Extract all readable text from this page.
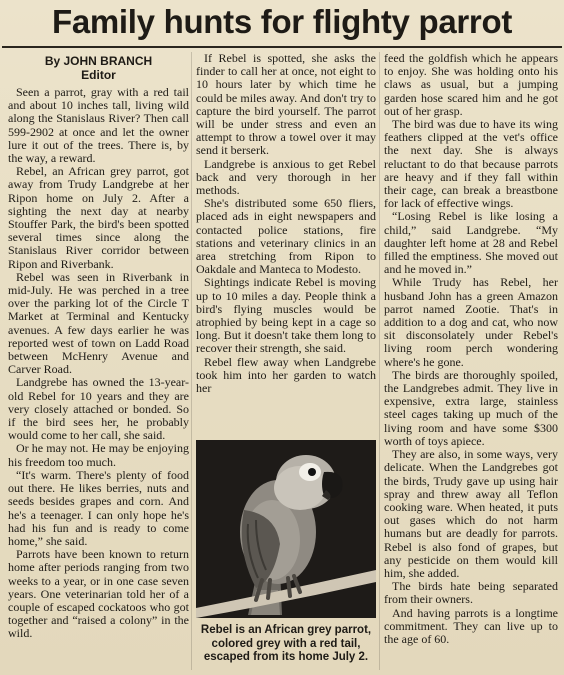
Family hunts for flighty parrot
By JOHN BRANCH
Editor

Seen a parrot, gray with a red tail and about 10 inches tall, living wild along the Stanislaus River? Then call 599-2902 at once and let the owner lure it out of the trees. There is, by the way, a reward.

Rebel, an African grey parrot, got away from Trudy Landgrebe at her Ripon home on July 2. After a sighting the next day at nearby Stouffer Park, the bird's been spotted several times since along the Stanislaus River corridor between Ripon and Riverbank.

Rebel was seen in Riverbank in mid-July. He was perched in a tree over the parking lot of the Circle T Market at Terminal and Kentucky avenues. A few days earlier he was reported west of town on Ladd Road between McHenry Avenue and Carver Road.

Landgrebe has owned the 13-year-old Rebel for 10 years and they are very closely attached or bonded. So if the bird sees her, he probably would come to her call, she said.

Or he may not. He may be enjoying his freedom too much.

“It's warm. There's plenty of food out there. He likes berries, nuts and seeds besides grapes and corn. And he's a teenager. I can only hope he's had his fun and is ready to come home,” she said.

Parrots have been known to return home after periods ranging from two weeks to a year, or in one case seven years. One veterinarian told her of a couple of escaped cockatoos who got together and “raised a colony” in the wild.

If Rebel is spotted, she asks the finder to call her at once, not eight to 10 hours later by which time he could be miles away. And don't try to capture the bird yourself. The parrot will be under stress and even an attempt to throw a towel over it may send it berserk.

Landgrebe is anxious to get Rebel back and very thorough in her methods.

She's distributed some 650 fliers, placed ads in eight newspapers and contacted police stations, fire stations and veterinary clinics in an area stretching from Ripon to Oakdale and Manteca to Modesto.

Sightings indicate Rebel is moving up to 10 miles a day. People think a bird's flying muscles would be atrophied by being kept in a cage so long. But it doesn't take them long to recover their strength, she said.

Rebel flew away when Landgrebe took him into her garden to watch her

Rebel is an African grey parrot, colored grey with a red tail, escaped from its home July 2.

feed the goldfish which he appears to enjoy. She was holding onto his claws as usual, but a jumping garden hose scared him and he got out of her grasp.

The bird was due to have its wing feathers clipped at the vet's office the next day. She is always reluctant to do that because parrots are heavy and if they fall within their cage, can break a breastbone for lack of effective wings.

“Losing Rebel is like losing a child,” said Landgrebe. “My daughter left home at 28 and Rebel filled the emptiness. She moved out and he moved in.”

While Trudy has Rebel, her husband John has a green Amazon parrot named Zootie. That's in addition to a dog and cat, who now sit disconsolately under Rebel's living room perch wondering where's he gone.

The birds are thoroughly spoiled, the Landgrebes admit. They live in expensive, extra large, stainless steel cages taking up much of the living room and have some $300 worth of toys apiece.

They are also, in some ways, very delicate. When the Landgrebes got the birds, Trudy gave up using hair spray and threw away all Teflon cooking ware. When heated, it puts out gases which do not harm humans but are deadly for parrots. Rebel is also fond of grapes, but any pesticide on them would kill him, she added.

The birds hate being separated from their owners.

And having parrots is a longtime commitment. They can live up to the age of 60.
